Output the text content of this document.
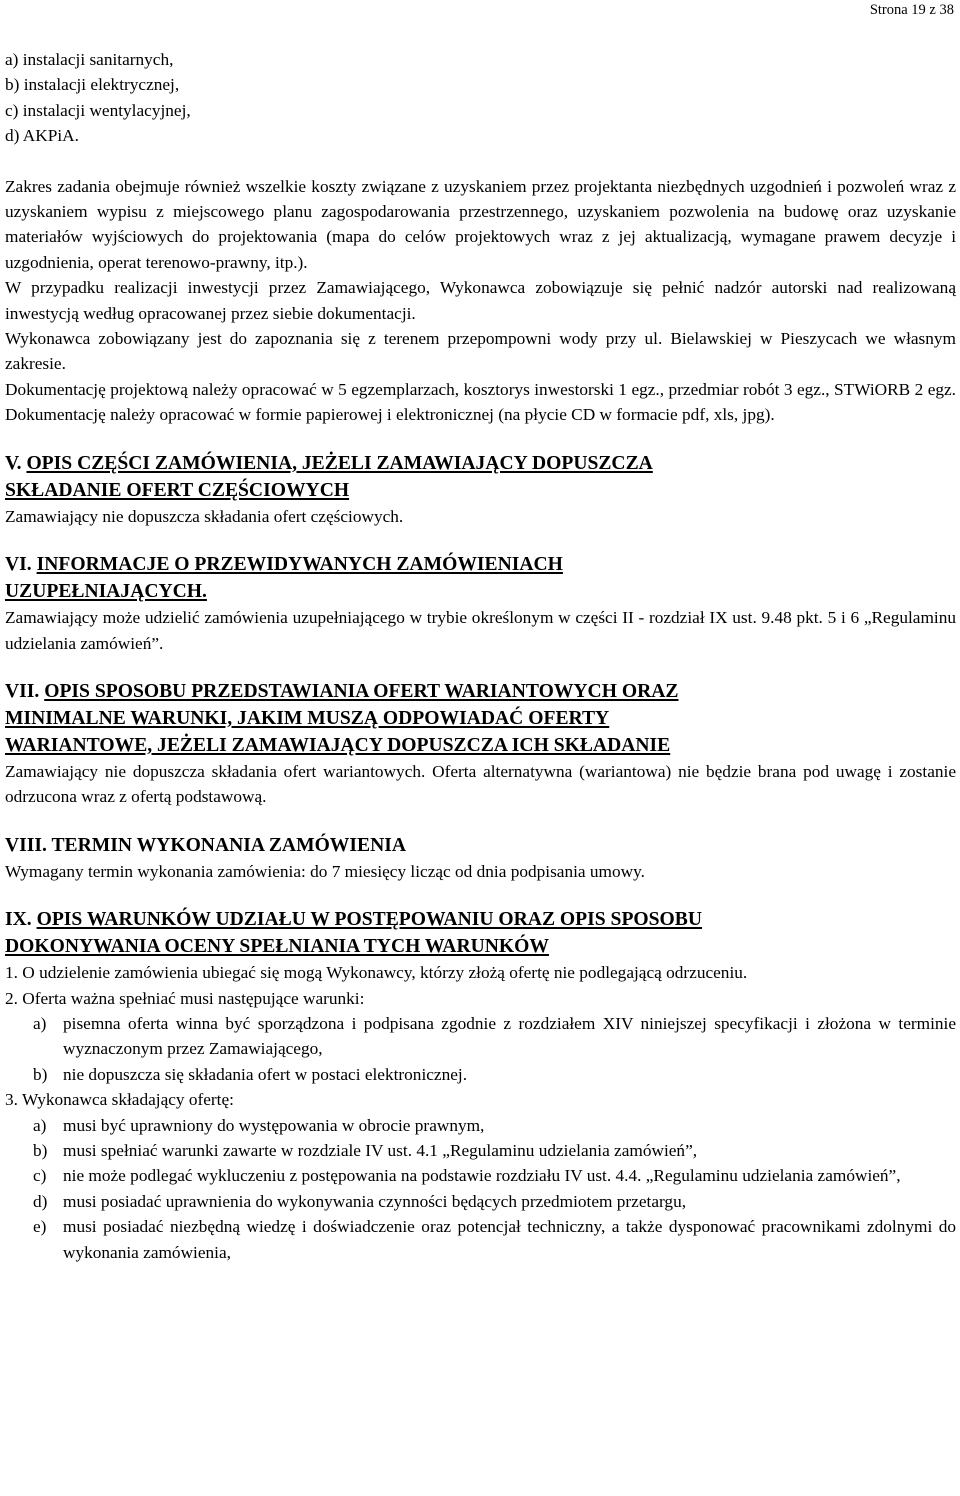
Strona 19 z 38
a) instalacji sanitarnych,
b) instalacji elektrycznej,
c) instalacji wentylacyjnej,
d) AKPiA.

Zakres zadania obejmuje również wszelkie koszty związane z uzyskaniem przez projektanta niezbędnych uzgodnień i pozwoleń wraz z uzyskaniem wypisu z miejscowego planu zagospodarowania przestrzennego, uzyskaniem pozwolenia na budowę oraz uzyskanie materiałów wyjściowych do projektowania (mapa do celów projektowych wraz z jej aktualizacją, wymagane prawem decyzje i uzgodnienia, operat terenowo-prawny, itp.).

W przypadku realizacji inwestycji przez Zamawiającego, Wykonawca zobowiązuje się pełnić nadzór autorski nad realizowaną inwestycją według opracowanej przez siebie dokumentacji.

Wykonawca zobowiązany jest do zapoznania się z terenem przepompowni wody przy ul. Bielawskiej w Pieszycach we własnym zakresie.

Dokumentację projektową należy opracować w 5 egzemplarzach, kosztorys inwestorski 1 egz., przedmiar robót 3 egz., STWiORB 2 egz. Dokumentację należy opracować w formie papierowej i elektronicznej (na płycie CD w formacie pdf, xls, jpg).

V. OPIS CZĘŚCI ZAMÓWIENIA, JEŻELI ZAMAWIAJĄCY DOPUSZCZA

SKŁADANIE OFERT CZĘŚCIOWYCH

Zamawiający nie dopuszcza składania ofert częściowych.

VI. INFORMACJE O PRZEWIDYWANYCH ZAMÓWIENIACH

UZUPEŁNIAJĄCYCH.

Zamawiający może udzielić zamówienia uzupełniającego w trybie określonym w części II - rozdział IX ust. 9.48 pkt. 5 i 6 „Regulaminu udzielania zamówień”.

VII. OPIS SPOSOBU PRZEDSTAWIANIA OFERT WARIANTOWYCH ORAZ

MINIMALNE WARUNKI, JAKIM MUSZĄ ODPOWIADAĆ OFERTY

WARIANTOWE, JEŻELI ZAMAWIAJĄCY DOPUSZCZA ICH SKŁADANIE

Zamawiający nie dopuszcza składania ofert wariantowych. Oferta alternatywna (wariantowa) nie będzie brana pod uwagę i zostanie odrzucona wraz z ofertą podstawową.

VIII. TERMIN WYKONANIA ZAMÓWIENIA

Wymagany termin wykonania zamówienia: do 7 miesięcy licząc od dnia podpisania umowy.

IX. OPIS WARUNKÓW UDZIAŁU W POSTĘPOWANIU ORAZ OPIS SPOSOBU

DOKONYWANIA OCENY SPEŁNIANIA TYCH WARUNKÓW

1. O udzielenie zamówienia ubiegać się mogą Wykonawcy, którzy złożą ofertę nie podlegającą odrzuceniu.

2. Oferta ważna spełniać musi następujące warunki:

a) pisemna oferta winna być sporządzona i podpisana zgodnie z rozdziałem XIV niniejszej specyfikacji i złożona w terminie wyznaczonym przez Zamawiającego,
b) nie dopuszcza się składania ofert w postaci elektronicznej.

3. Wykonawca składający ofertę:

a) musi być uprawniony do występowania w obrocie prawnym,
b) musi spełniać warunki zawarte w rozdziale IV ust. 4.1 „Regulaminu udzielania zamówień”,
c) nie może podlegać wykluczeniu z postępowania na podstawie rozdziału IV ust. 4.4. „Regulaminu udzielania zamówień”,
d) musi posiadać uprawnienia do wykonywania czynności będących przedmiotem przetargu,
e) musi posiadać niezbędną wiedzę i doświadczenie oraz potencjał techniczny, a także dysponować pracownikami zdolnymi do wykonania zamówienia,
